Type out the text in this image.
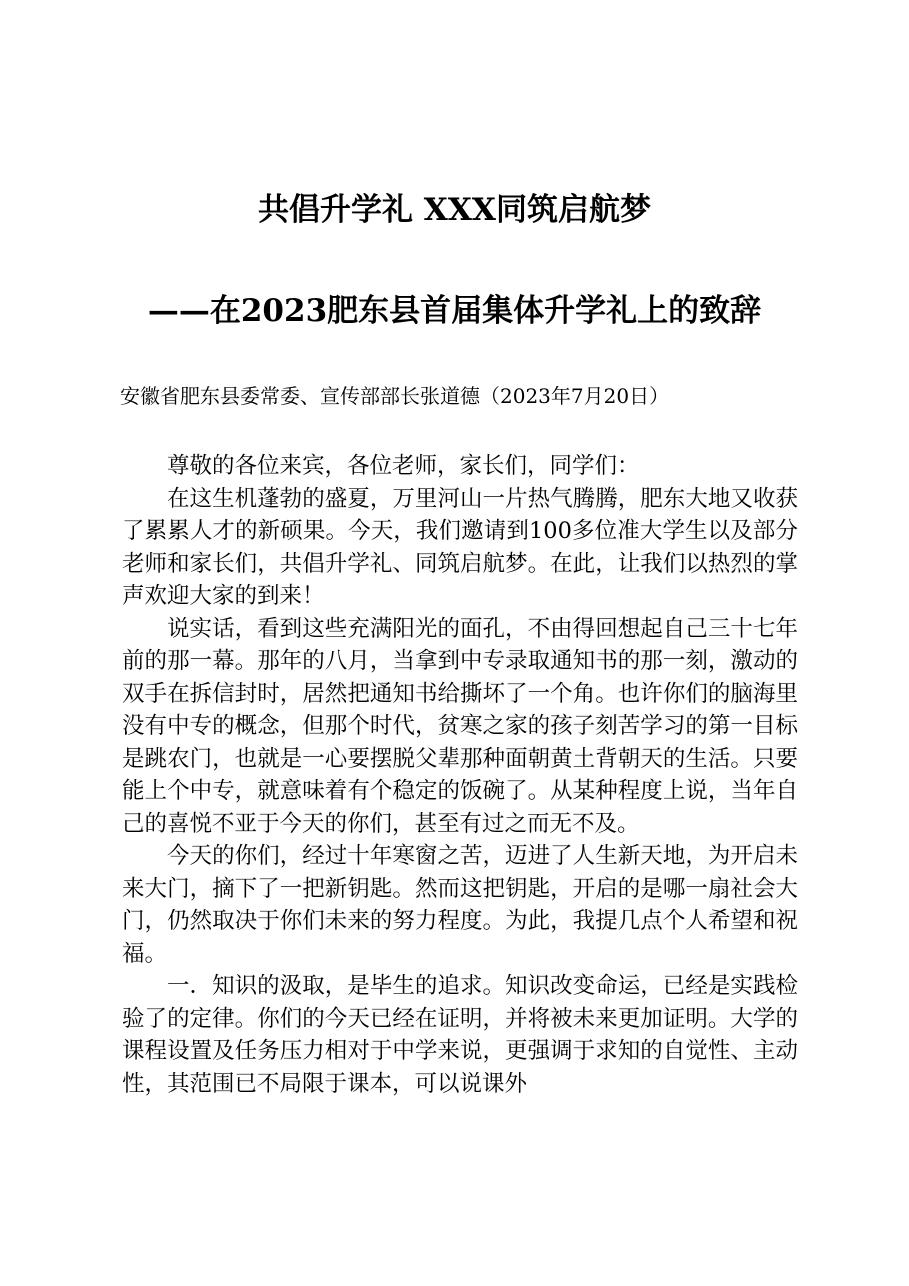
共倡升学礼 XXX同筑启航梦
——在2023肥东县首届集体升学礼上的致辞
安徽省肥东县委常委、宣传部部长张道德（2023年7月20日）

尊敬的各位来宾，各位老师，家长们，同学们：

在这生机蓬勃的盛夏，万里河山一片热气腾腾，肥东大地又收获了累累人才的新硕果。今天，我们邀请到100多位准大学生以及部分老师和家长们，共倡升学礼、同筑启航梦。在此，让我们以热烈的掌声欢迎大家的到来！

说实话，看到这些充满阳光的面孔，不由得回想起自己三十七年前的那一幕。那年的八月，当拿到中专录取通知书的那一刻，激动的双手在拆信封时，居然把通知书给撕坏了一个角。也许你们的脑海里没有中专的概念，但那个时代，贫寒之家的孩子刻苦学习的第一目标是跳农门，也就是一心要摆脱父辈那种面朝黄土背朝天的生活。只要能上个中专，就意味着有个稳定的饭碗了。从某种程度上说，当年自己的喜悦不亚于今天的你们，甚至有过之而无不及。

今天的你们，经过十年寒窗之苦，迈进了人生新天地，为开启未来大门，摘下了一把新钥匙。然而这把钥匙，开启的是哪一扇社会大门，仍然取决于你们未来的努力程度。为此，我提几点个人希望和祝福。

一．知识的汲取，是毕生的追求。知识改变命运，已经是实践检验了的定律。你们的今天已经在证明，并将被未来更加证明。大学的课程设置及任务压力相对于中学来说，更强调于求知的自觉性、主动性，其范围已不局限于课本，可以说课外
